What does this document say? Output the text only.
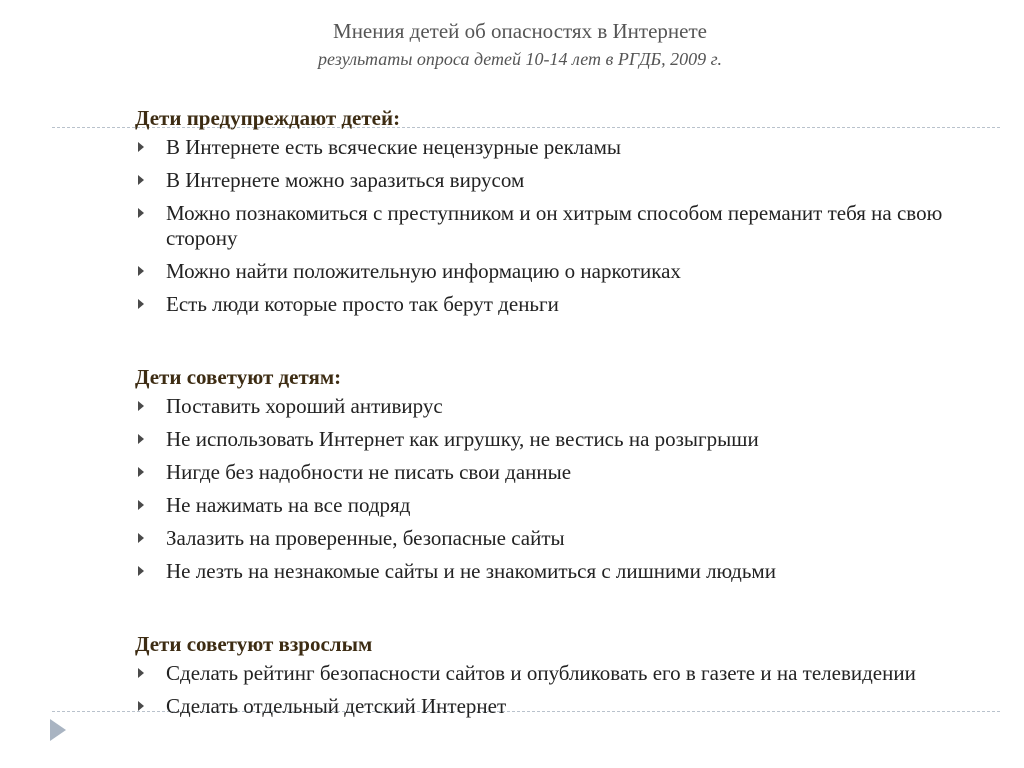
Мнения детей об опасностях в Интернете
результаты опроса детей 10-14 лет в РГДБ, 2009 г.
Дети предупреждают детей:
В Интернете есть всяческие нецензурные рекламы
В Интернете можно заразиться вирусом
Можно познакомиться с преступником и он хитрым способом переманит тебя на свою сторону
Можно найти положительную информацию о наркотиках
Есть люди которые просто так берут деньги
Дети советуют детям:
Поставить хороший антивирус
Не использовать Интернет как игрушку, не вестись на розыгрыши
Нигде без надобности не писать свои данные
Не нажимать на все подряд
Залазить на проверенные, безопасные сайты
Не лезть на незнакомые сайты и не знакомиться с лишними людьми
Дети советуют взрослым
Сделать рейтинг безопасности сайтов и опубликовать его в газете и на телевидении
Сделать отдельный детский Интернет
